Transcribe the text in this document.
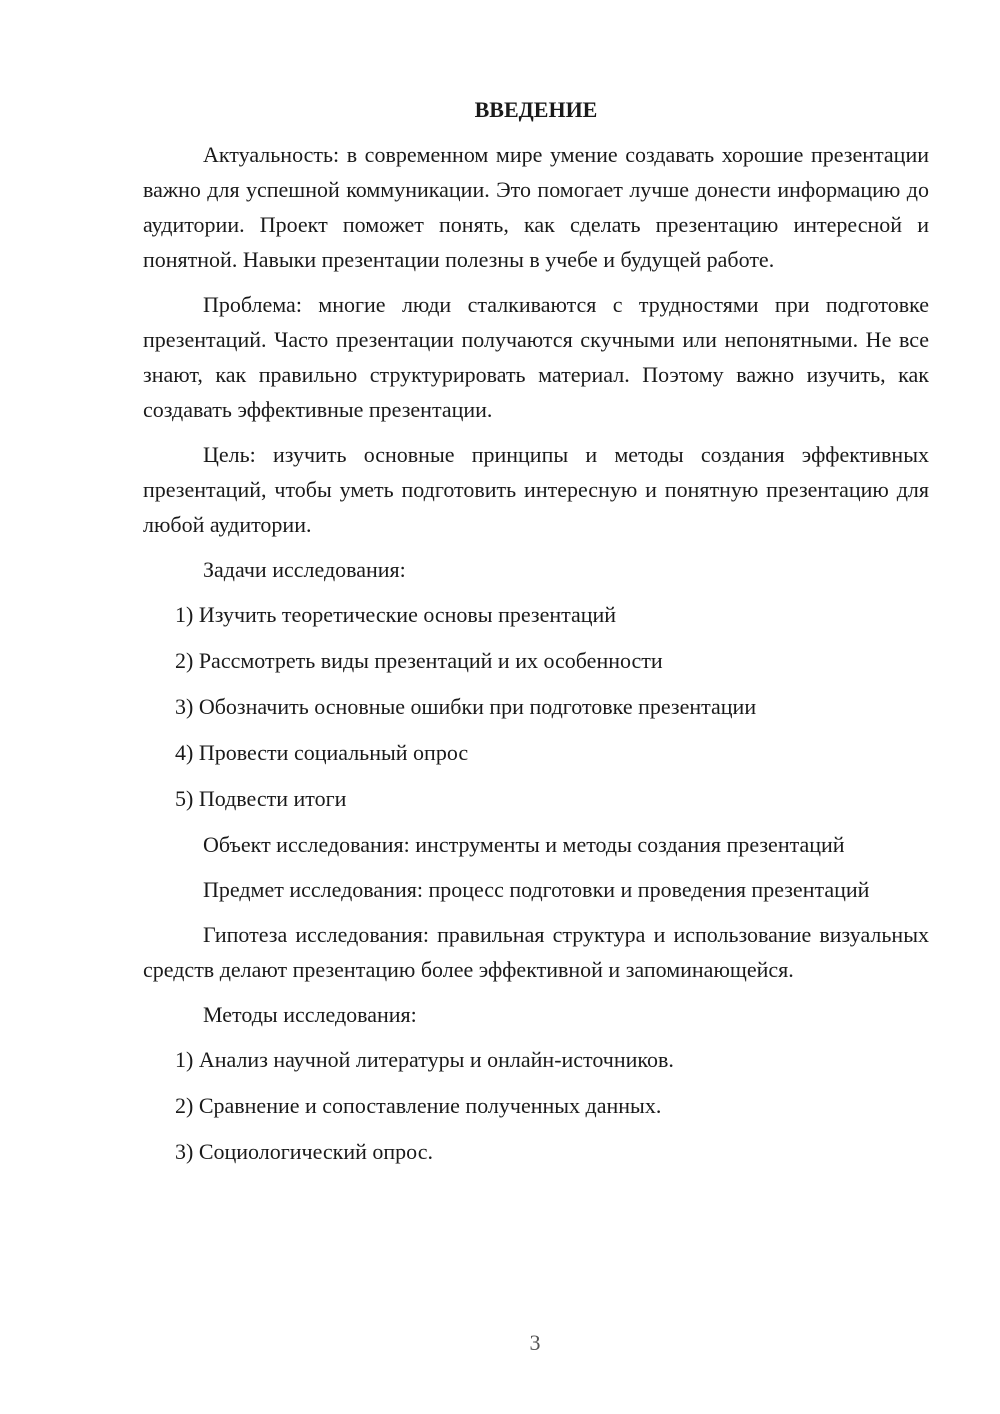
ВВЕДЕНИЕ

Актуальность: в современном мире умение создавать хорошие презентации важно для успешной коммуникации. Это помогает лучше донести информацию до аудитории. Проект поможет понять, как сделать презентацию интересной и понятной. Навыки презентации полезны в учебе и будущей работе.

Проблема: многие люди сталкиваются с трудностями при подготовке презентаций. Часто презентации получаются скучными или непонятными. Не все знают, как правильно структурировать материал. Поэтому важно изучить, как создавать эффективные презентации.

Цель: изучить основные принципы и методы создания эффективных презентаций, чтобы уметь подготовить интересную и понятную презентацию для любой аудитории.

Задачи исследования:

1) Изучить теоретические основы презентаций
2) Рассмотреть виды презентаций и их особенности
3) Обозначить основные ошибки при подготовке презентации
4) Провести социальный опрос
5) Подвести итоги

Объект исследования: инструменты и методы создания презентаций

Предмет исследования: процесс подготовки и проведения презентаций

Гипотеза исследования: правильная структура и использование визуальных средств делают презентацию более эффективной и запоминающейся.

Методы исследования:

1) Анализ научной литературы и онлайн-источников.
2) Сравнение и сопоставление полученных данных.
3) Социологический опрос.
3
